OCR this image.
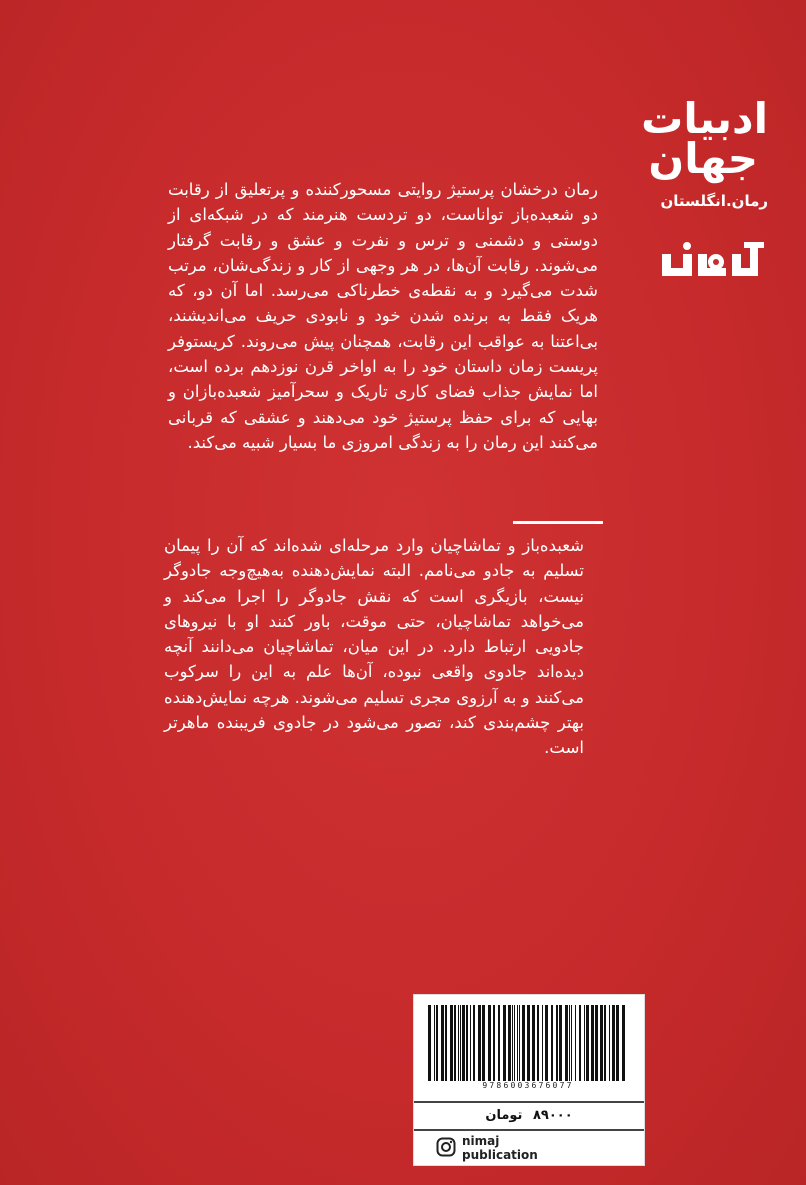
ادبیات
جهان
رمان.انگلستان
رمان درخشان پرستیژ روایتی مسحورکننده و پرتعلیق از رقابت دو شعبده‌باز تواناست، دو تردست هنرمند که در شبکه‌ای از دوستی و دشمنی و ترس و نفرت و عشق و رقابت گرفتار می‌شوند. رقابت آن‌ها، در هر وجهی از کار و زندگی‌شان، مرتب شدت می‌گیرد و به نقطه‌ی خطرناکی می‌رسد. اما آن دو، که هریک فقط به برنده شدن خود و نابودی حریف می‌اندیشند، بی‌اعتنا به عواقب این رقابت، همچنان پیش می‌روند. کریستوفر پریست زمان داستان خود را به اواخر قرن نوزدهم برده است، اما نمایش جذاب فضای کاری تاریک و سحرآمیز شعبده‌بازان و بهایی که برای حفظ پرستیژ خود می‌دهند و عشقی که قربانی می‌کنند این رمان را به زندگی امروزی ما بسیار شبیه می‌کند.
شعبده‌باز و تماشاچیان وارد مرحله‌ای شده‌اند که آن را پیمان تسلیم به جادو می‌نامم. البته نمایش‌دهنده به‌هیچ‌وجه جادوگر نیست، بازیگری است که نقش جادوگر را اجرا می‌کند و می‌خواهد تماشاچیان، حتی موقت، باور کنند او با نیروهای جادویی ارتباط دارد. در این میان، تماشاچیان می‌دانند آنچه دیده‌اند جادوی واقعی نبوده، آن‌ها علم به این را سرکوب می‌کنند و به آرزوی مجری تسلیم می‌شوند. هرچه نمایش‌دهنده بهتر چشم‌بندی کند، تصور می‌شود در جادوی فریبنده ماهرتر است.
9786003676077
۸۹۰۰۰ تومان
nimaj
publication
